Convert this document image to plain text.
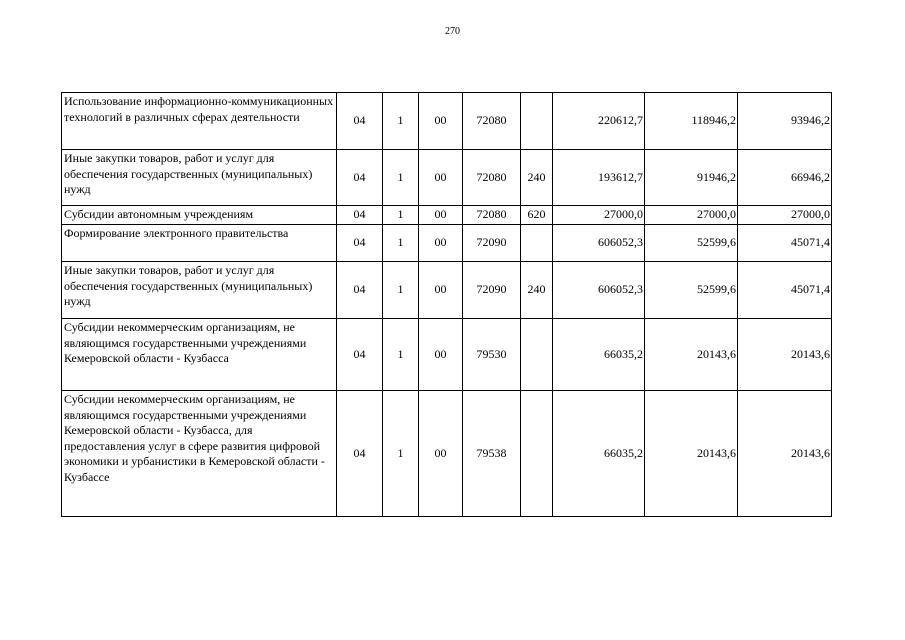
270
Использование информационно-коммуникационных технологий в различных сферах деятельности	04	1	00	72080		220612,7	118946,2	93946,2
Иные закупки товаров, работ и услуг для обеспечения государственных (муниципальных) нужд	04	1	00	72080	240	193612,7	91946,2	66946,2
Субсидии автономным учреждениям	04	1	00	72080	620	27000,0	27000,0	27000,0
Формирование электронного правительства	04	1	00	72090		606052,3	52599,6	45071,4
Иные закупки товаров, работ и услуг для обеспечения государственных (муниципальных) нужд	04	1	00	72090	240	606052,3	52599,6	45071,4
Субсидии некоммерческим организациям, не являющимся государственными учреждениями Кемеровской области - Кузбасса	04	1	00	79530		66035,2	20143,6	20143,6
Субсидии некоммерческим организациям, не являющимся государственными учреждениями Кемеровской области - Кузбасса, для предоставления услуг в сфере развития цифровой экономики и урбанистики в Кемеровской области - Кузбассе	04	1	00	79538		66035,2	20143,6	20143,6
